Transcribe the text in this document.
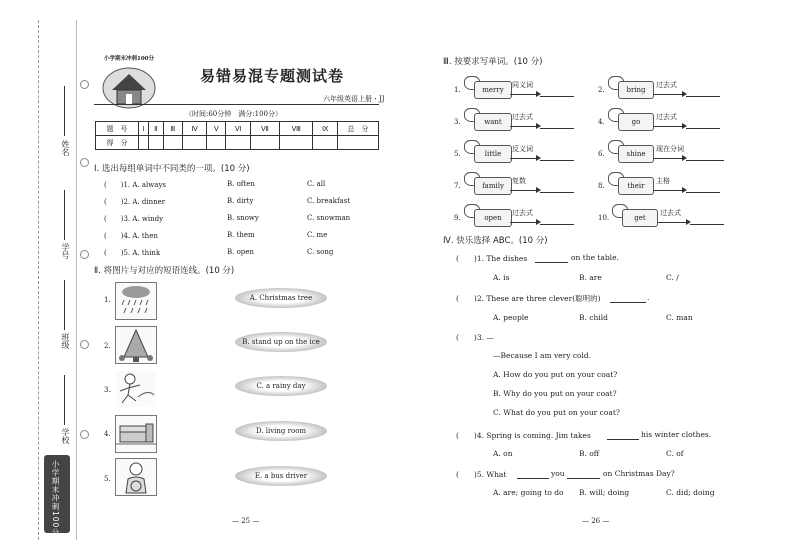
姓名
学号
班级
学校
小学期末冲刺100分
小学期末冲刺100分
易错易混专题测试卷
六年级英语上册・JJ
（时间:60分钟　满分:100分）
题　号	Ⅰ	Ⅱ	Ⅲ	Ⅳ	Ⅴ	Ⅵ	Ⅶ	Ⅷ	Ⅸ	总　分
得　分										
Ⅰ. 选出每组单词中不同类的一项。(10 分)
(　　)1. A. always	B. often	C. all
(　　)2. A. dinner	B. dirty	C. breakfast
(　　)3. A. windy	B. snowy	C. snowman
(　　)4. A. then	B. them	C. me
(　　)5. A. think	B. open	C. song
Ⅱ. 将图片与对应的短语连线。(10 分)
1.
2.
3.
4.
5.
A. Christmas tree
B. stand up on the ice
C. a rainy day
D. living room
E. a bus driver
— 25 —
Ⅲ. 按要求写单词。(10 分)
1.	merry
同义词
3.	want
过去式
5.	little
反义词
7.	family
复数
9.	open
过去式
2.	bring
过去式
4.	go
过去式
6.	shine
现在分词
8.	their
主格
10.	get
过去式
Ⅳ. 快乐选择 ABC。(10 分)
(　　)1. The dishes	on the table.
A. is	B. are	C. /
(　　)2. These are three clever(聪明的)	.
A. people	B. child	C. man
(　　)3. —
—Because I am very cold.
A. How do you put on your coat?
B. Why do you put on your coat?
C. What do you put on your coat?
(　　)4. Spring is coming. Jim takes	his winter clothes.
A. on	B. off	C. of
(　　)5. What	you	on Christmas Day?
A. are; going to do B. will; doing	C. did; doing
— 26 —
